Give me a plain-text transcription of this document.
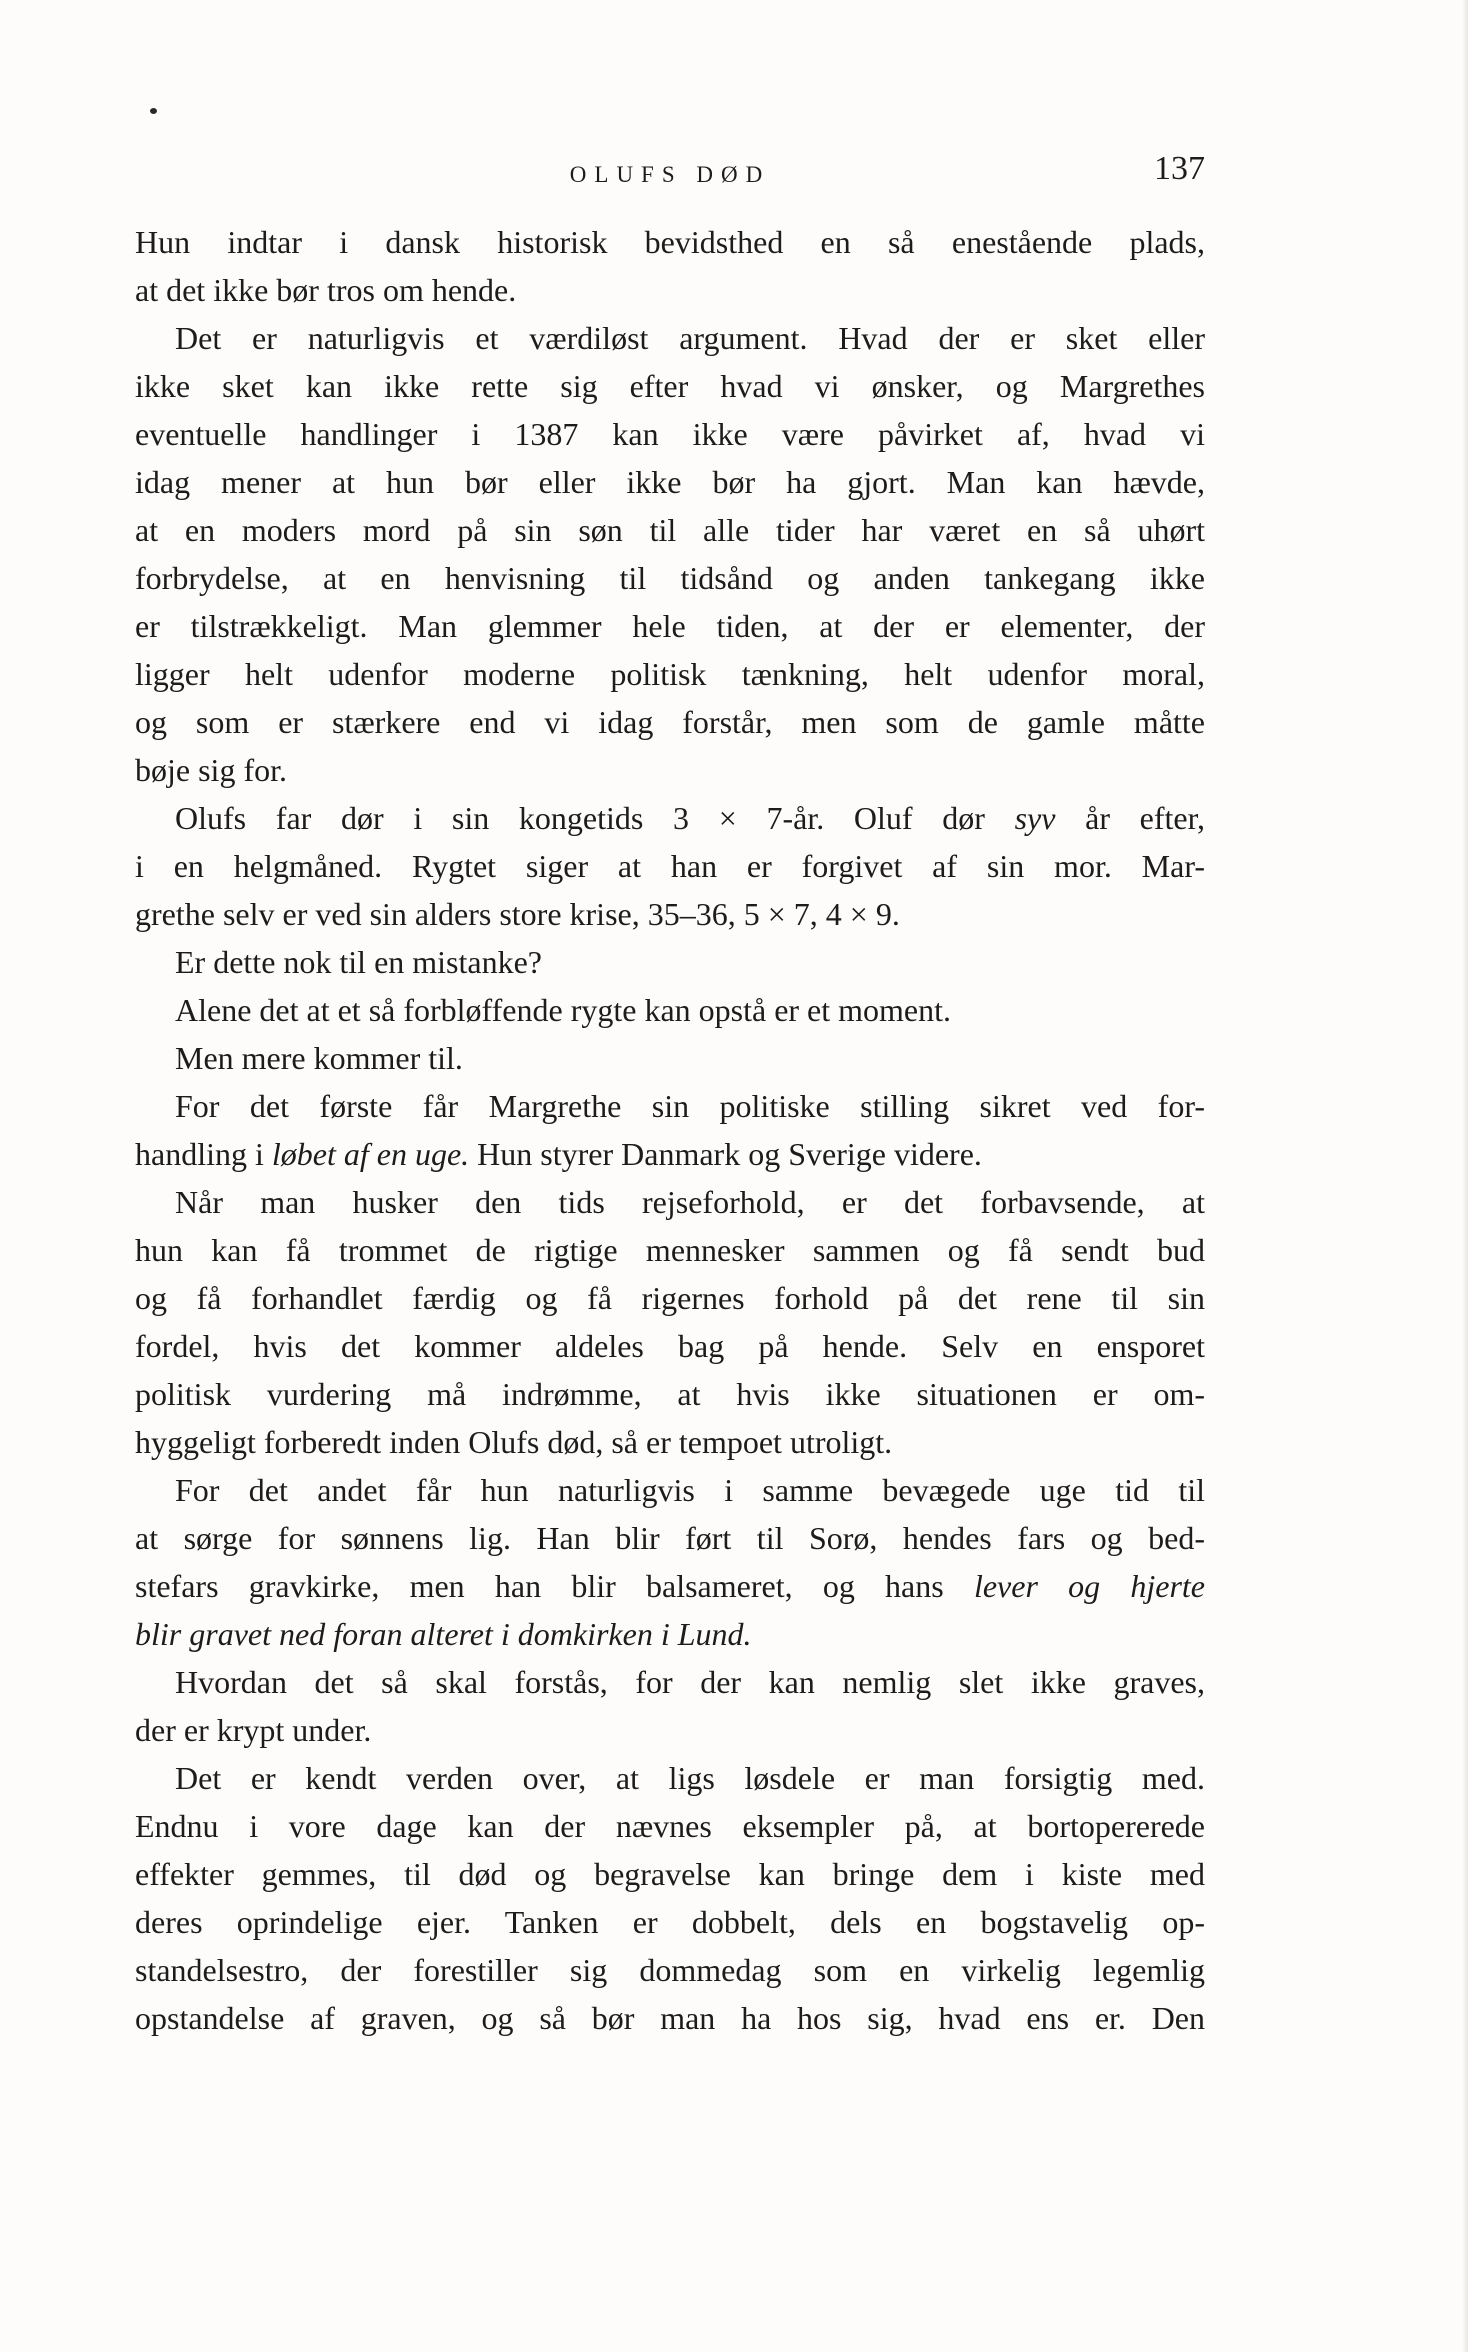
OLUFS DØD	137
Hun indtar i dansk historisk bevidsthed en så enestående plads,
at det ikke bør tros om hende.
Det er naturligvis et værdiløst argument. Hvad der er sket eller
ikke sket kan ikke rette sig efter hvad vi ønsker, og Margrethes
eventuelle handlinger i 1387 kan ikke være påvirket af, hvad vi
idag mener at hun bør eller ikke bør ha gjort. Man kan hævde,
at en moders mord på sin søn til alle tider har været en så uhørt
forbrydelse, at en henvisning til tidsånd og anden tankegang ikke
er tilstrækkeligt. Man glemmer hele tiden, at der er elementer, der
ligger helt udenfor moderne politisk tænkning, helt udenfor moral,
og som er stærkere end vi idag forstår, men som de gamle måtte
bøje sig for.
Olufs far dør i sin kongetids 3 × 7-år. Oluf dør syv år efter,
i en helgmåned. Rygtet siger at han er forgivet af sin mor. Mar-
grethe selv er ved sin alders store krise, 35–36, 5 × 7, 4 × 9.
Er dette nok til en mistanke?
Alene det at et så forbløffende rygte kan opstå er et moment.
Men mere kommer til.
For det første får Margrethe sin politiske stilling sikret ved for-
handling i løbet af en uge. Hun styrer Danmark og Sverige videre.
Når man husker den tids rejseforhold, er det forbavsende, at
hun kan få trommet de rigtige mennesker sammen og få sendt bud
og få forhandlet færdig og få rigernes forhold på det rene til sin
fordel, hvis det kommer aldeles bag på hende. Selv en ensporet
politisk vurdering må indrømme, at hvis ikke situationen er om-
hyggeligt forberedt inden Olufs død, så er tempoet utroligt.
For det andet får hun naturligvis i samme bevægede uge tid til
at sørge for sønnens lig. Han blir ført til Sorø, hendes fars og bed-
stefars gravkirke, men han blir balsameret, og hans lever og hjerte
blir gravet ned foran alteret i domkirken i Lund.
Hvordan det så skal forstås, for der kan nemlig slet ikke graves,
der er krypt under.
Det er kendt verden over, at ligs løsdele er man forsigtig med.
Endnu i vore dage kan der nævnes eksempler på, at bortopererede
effekter gemmes, til død og begravelse kan bringe dem i kiste med
deres oprindelige ejer. Tanken er dobbelt, dels en bogstavelig op-
standelsestro, der forestiller sig dommedag som en virkelig legemlig
opstandelse af graven, og så bør man ha hos sig, hvad ens er. Den
